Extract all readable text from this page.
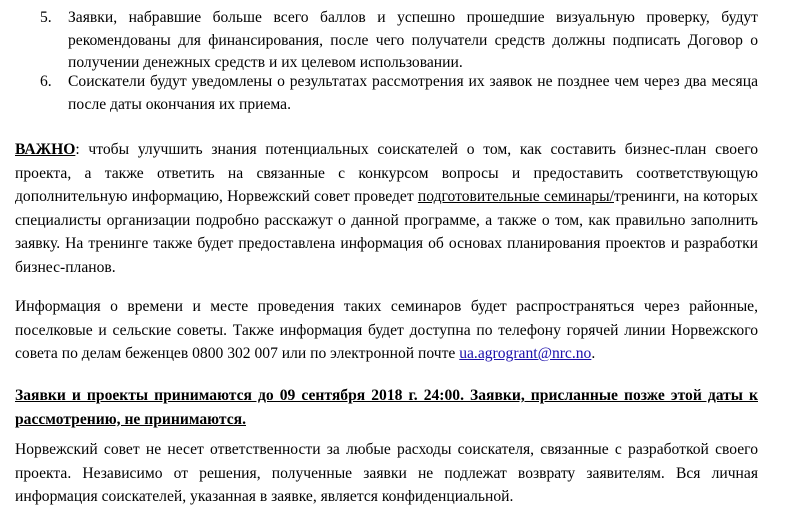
5.	Заявки, набравшие больше всего баллов и успешно прошедшие визуальную проверку, будут рекомендованы для финансирования, после чего получатели средств должны подписать Договор о получении денежных средств и их целевом использовании.
6.	Соискатели будут уведомлены о результатах рассмотрения их заявок не позднее чем через два месяца после даты окончания их приема.
ВАЖНО: чтобы улучшить знания потенциальных соискателей о том, как составить бизнес-план своего проекта, а также ответить на связанные с конкурсом вопросы и предоставить соответствующую дополнительную информацию, Норвежский совет проведет подготовительные семинары/тренинги, на которых специалисты организации подробно расскажут о данной программе, а также о том, как правильно заполнить заявку. На тренинге также будет предоставлена информация об основах планирования проектов и разработки бизнес-планов.
Информация о времени и месте проведения таких семинаров будет распространяться через районные, поселковые и сельские советы. Также информация будет доступна по телефону горячей линии Норвежского совета по делам беженцев 0800 302 007 или по электронной почте ua.agrogrant@nrc.no.
Заявки и проекты принимаются до 09 сентября 2018 г. 24:00. Заявки, присланные позже этой даты к рассмотрению, не принимаются.
Норвежский совет не несет ответственности за любые расходы соискателя, связанные с разработкой своего проекта. Независимо от решения, полученные заявки не подлежат возврату заявителям. Вся личная информация соискателей, указанная в заявке, является конфиденциальной.
